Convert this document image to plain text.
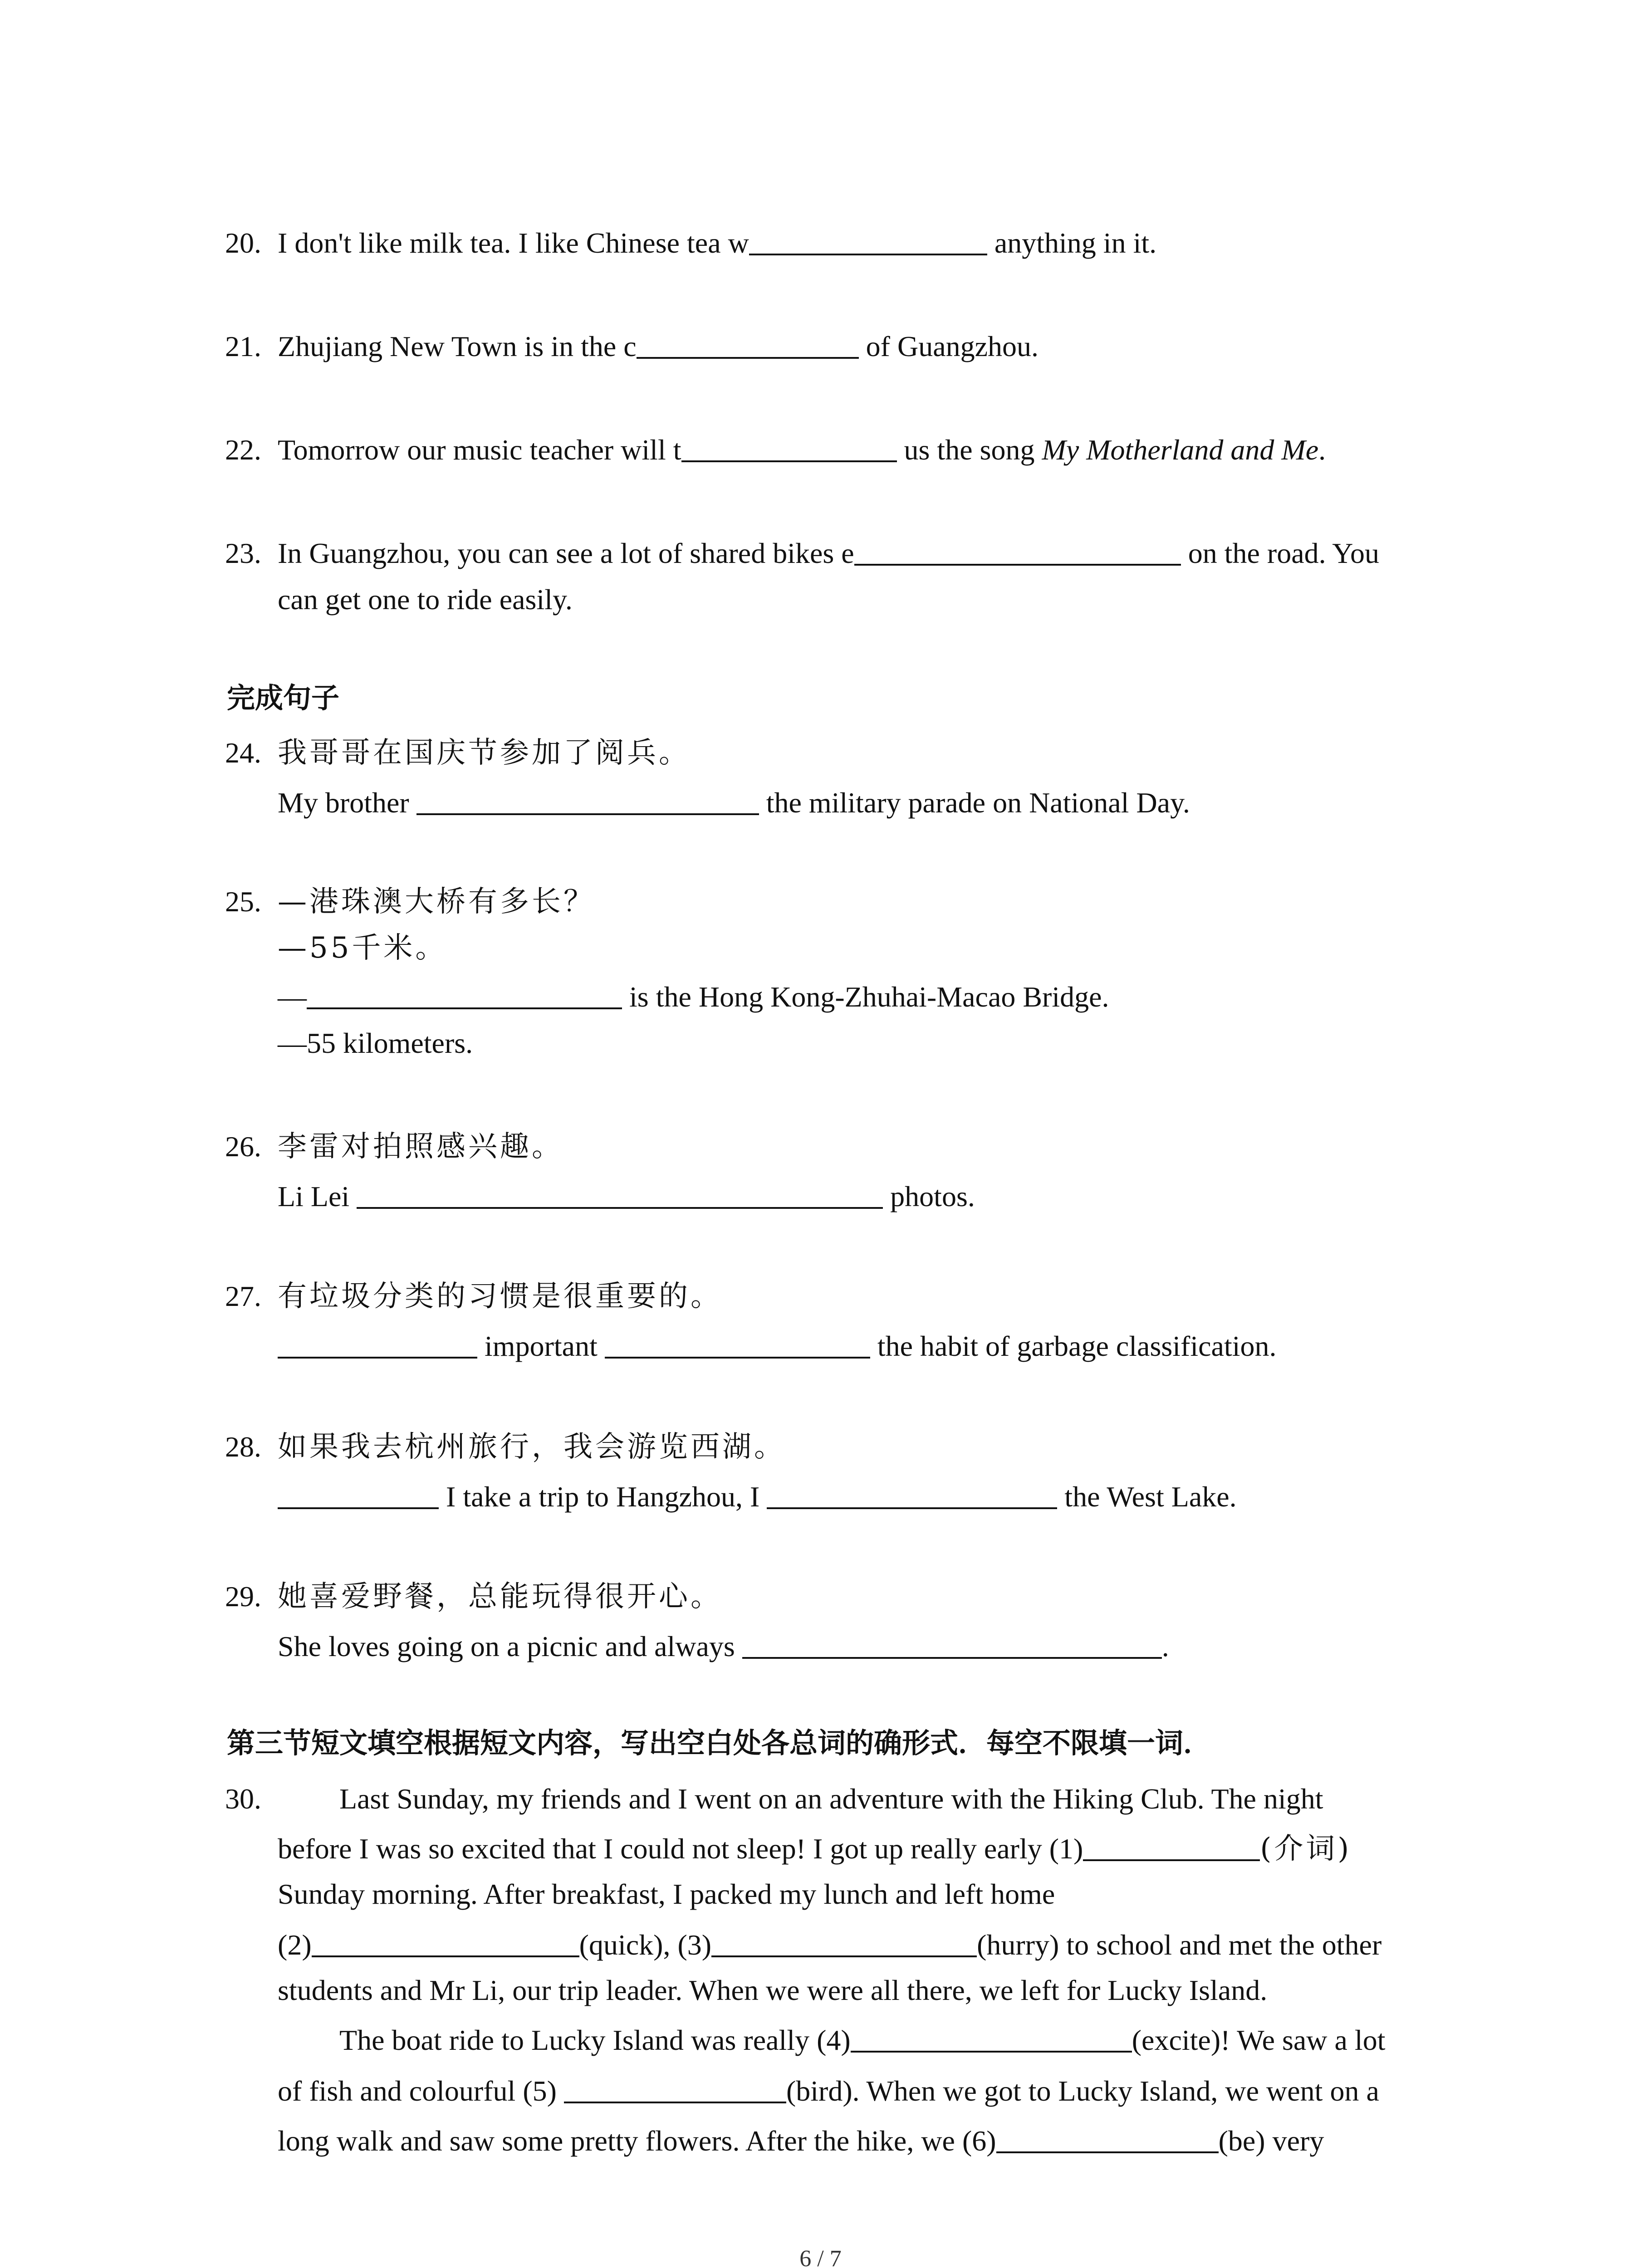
20. I don't like milk tea. I like Chinese tea w	anything in it.
21. Zhujiang New Town is in the c	of Guangzhou.
22. Tomorrow our music teacher will t	us the song My Motherland and Me.
23. In Guangzhou, you can see a lot of shared bikes e	on the road. You
can get one to ride easily.
完成句子
24. 我哥哥在国庆节参加了阅兵。
My brother	the military parade on National Day.
25. —港珠澳大桥有多长？
—55千米。
—	is the Hong Kong-Zhuhai-Macao Bridge.
—55 kilometers.
26. 李雷对拍照感兴趣。
Li Lei	photos.
27. 有垃圾分类的习惯是很重要的。
important	the habit of garbage classification.
28. 如果我去杭州旅行，我会游览西湖。
I take a trip to Hangzhou, I	the West Lake.
29. 她喜爱野餐，总能玩得很开心。
She loves going on a picnic and always	.
第三节短文填空根据短文内容，写出空白处各总词的确形式．每空不限填一词．
30.	Last Sunday, my friends and I went on an adventure with the Hiking Club. The night
before I was so excited that I could not sleep! I got up really early (1)	(介词)
Sunday morning. After breakfast, I packed my lunch and left home
(2)	(quick), (3)	(hurry) to school and met the other
students and Mr Li, our trip leader. When we were all there, we left for Lucky Island.
The boat ride to Lucky Island was really (4)	(excite)! We saw a lot
of fish and colourful (5)	(bird). When we got to Lucky Island, we went on a
long walk and saw some pretty flowers. After the hike, we (6)	(be) very
6 / 7
